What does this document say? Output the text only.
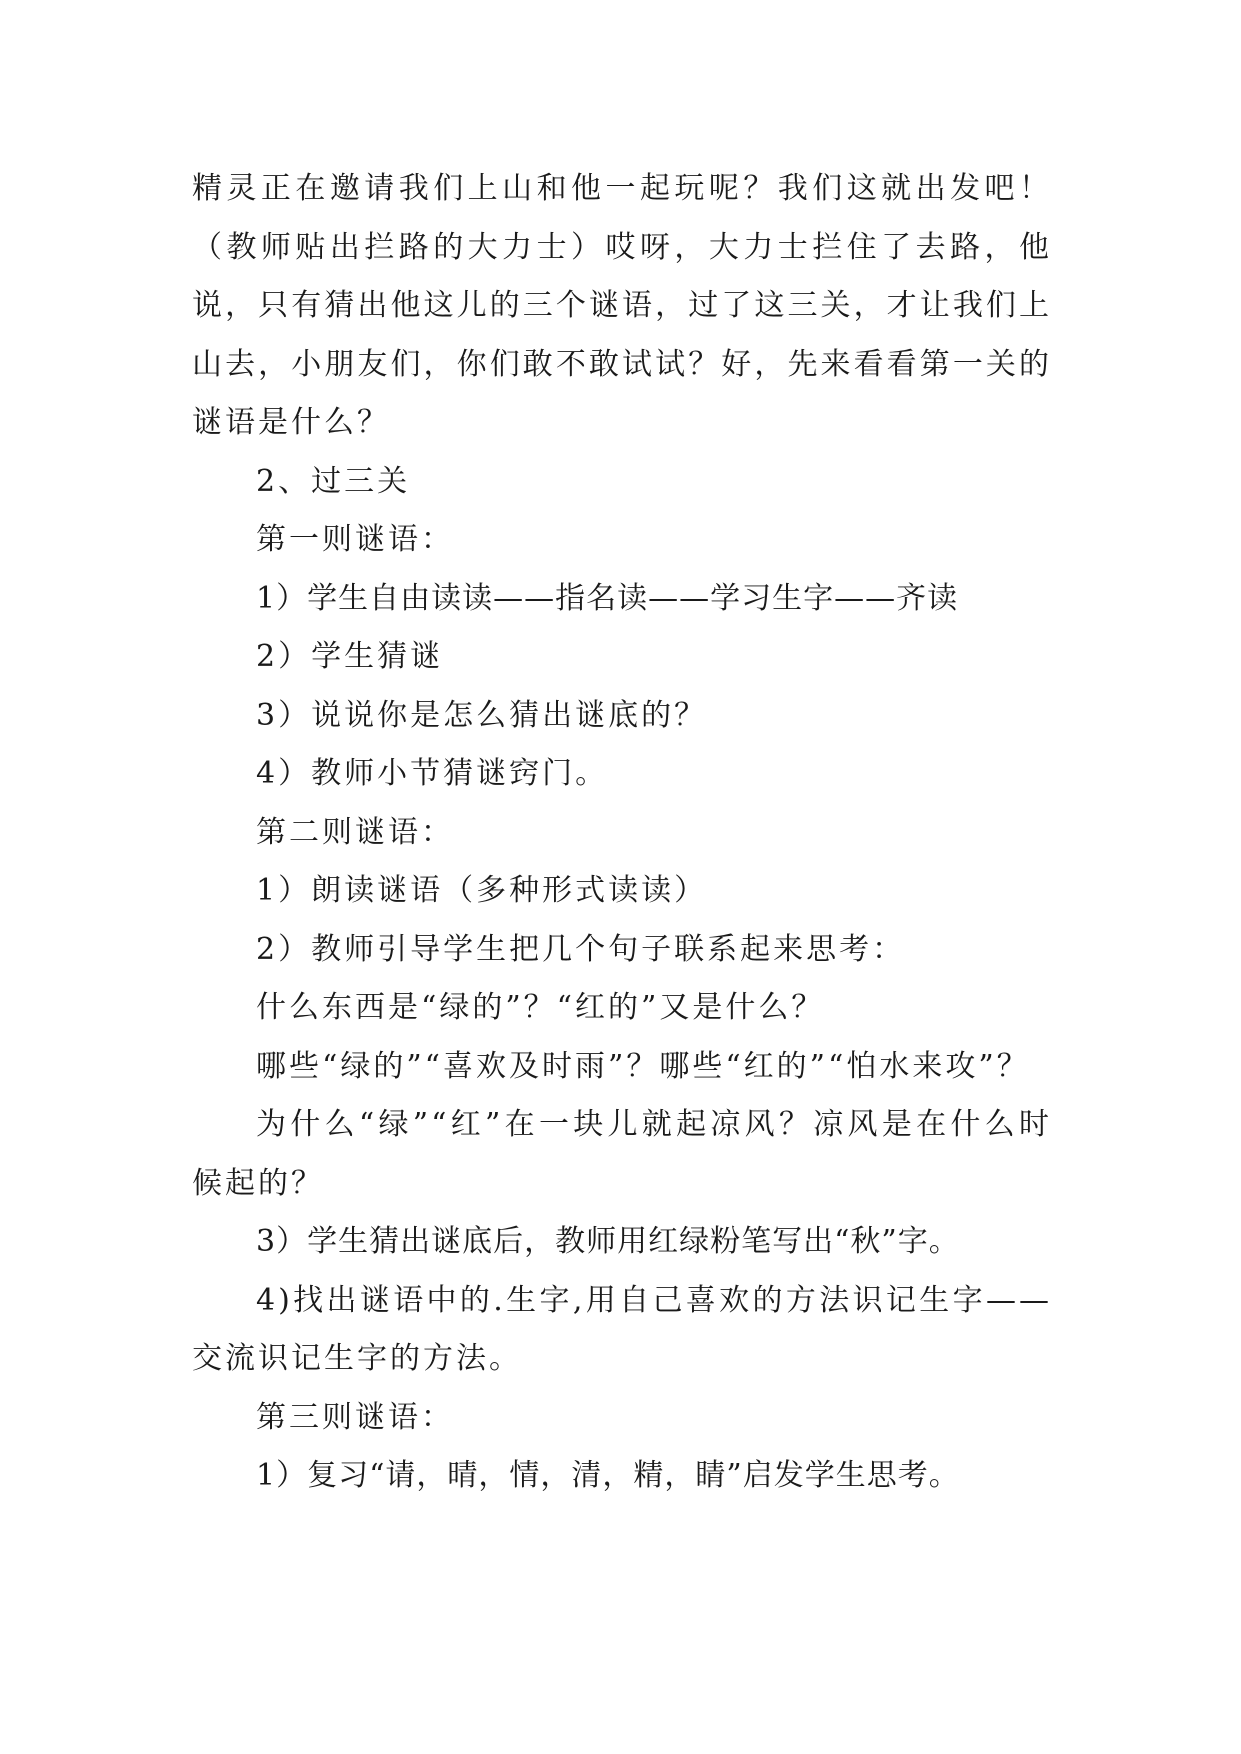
精灵正在邀请我们上山和他一起玩呢？我们这就出发吧！（教师贴出拦路的大力士）哎呀，大力士拦住了去路，他说，只有猜出他这儿的三个谜语，过了这三关，才让我们上山去，小朋友们，你们敢不敢试试？好，先来看看第一关的谜语是什么？

2、过三关

第一则谜语：

1）学生自由读读——指名读——学习生字——齐读

2）学生猜谜

3）说说你是怎么猜出谜底的？

4）教师小节猜谜窍门。

第二则谜语：

1）朗读谜语（多种形式读读）

2）教师引导学生把几个句子联系起来思考：

什么东西是“绿的”？“红的”又是什么？

哪些“绿的”“喜欢及时雨”？哪些“红的”“怕水来攻”？

为什么“绿”“红”在一块儿就起凉风？凉风是在什么时候起的？

3）学生猜出谜底后，教师用红绿粉笔写出“秋”字。

4)找出谜语中的.生字,用自己喜欢的方法识记生字——交流识记生字的方法。

第三则谜语：

1）复习“请，晴，情，清，精，睛”启发学生思考。
